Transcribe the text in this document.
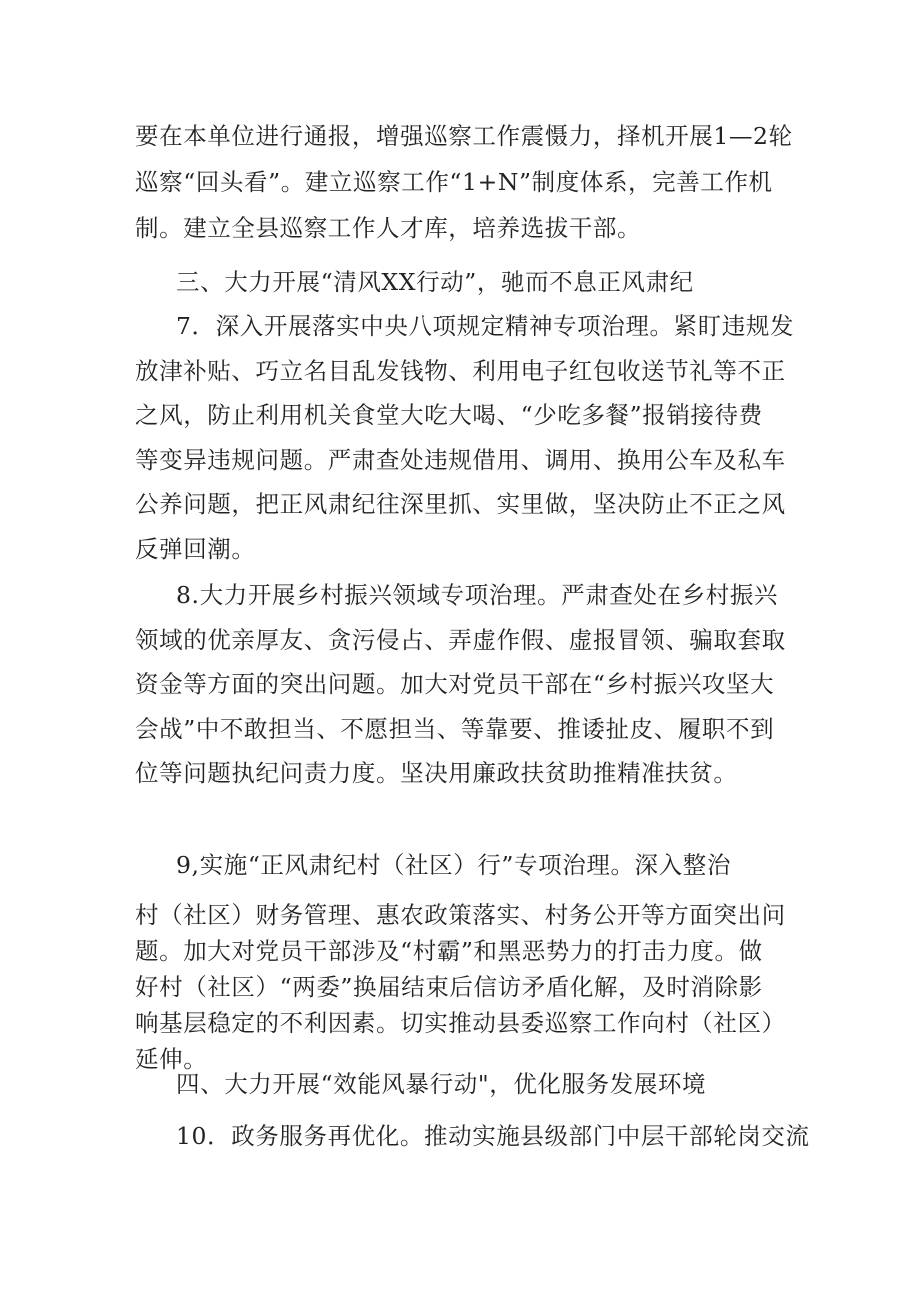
要在本单位进行通报，增强巡察工作震慑力，择机开展1—2轮
巡察“回头看”。建立巡察工作“1+N”制度体系，完善工作机
制。建立全县巡察工作人才库，培养选拔干部。
三、大力开展“清风XX行动”，驰而不息正风肃纪
7．深入开展落实中央八项规定精神专项治理。紧盯违规发
放津补贴、巧立名目乱发钱物、利用电子红包收送节礼等不正
之风，防止利用机关食堂大吃大喝、“少吃多餐”报销接待费
等变异违规问题。严肃查处违规借用、调用、换用公车及私车
公养问题，把正风肃纪往深里抓、实里做，坚决防止不正之风
反弹回潮。
8.大力开展乡村振兴领域专项治理。严肃查处在乡村振兴
领域的优亲厚友、贪污侵占、弄虚作假、虚报冒领、骗取套取
资金等方面的突出问题。加大对党员干部在“乡村振兴攻坚大
会战”中不敢担当、不愿担当、等靠要、推诿扯皮、履职不到
位等问题执纪问责力度。坚决用廉政扶贫助推精准扶贫。
9,实施“正风肃纪村（社区）行”专项治理。深入整治
村（社区）财务管理、惠农政策落实、村务公开等方面突出问
题。加大对党员干部涉及“村霸”和黑恶势力的打击力度。做
好村（社区）“两委”换届结束后信访矛盾化解，及时消除影
响基层稳定的不利因素。切实推动县委巡察工作向村（社区）
延伸。
四、大力开展“效能风暴行动"，优化服务发展环境
10．政务服务再优化。推动实施县级部门中层干部轮岗交流
